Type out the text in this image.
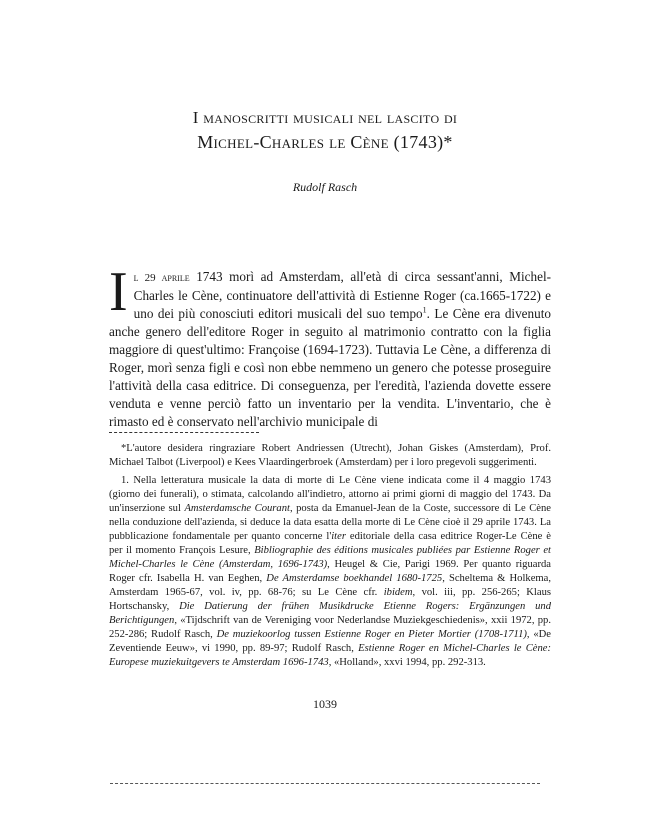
I manoscritti musicali nel lascito di
Michel-Charles le Cène (1743)*
Rudolf Rasch
Il 29 aprile 1743 morì ad Amsterdam, all'età di circa sessant'anni, Michel-Charles le Cène, continuatore dell'attività di Estienne Roger (ca.1665-1722) e uno dei più conosciuti editori musicali del suo tempo$^1$. Le Cène era divenuto anche genero dell'editore Roger in seguito al matrimonio contratto con la figlia maggiore di quest'ultimo: Françoise (1694-1723). Tuttavia Le Cène, a differenza di Roger, morì senza figli e così non ebbe nemmeno un genero che potesse proseguire l'attività della casa editrice. Di conseguenza, per l'eredità, l'azienda dovette essere venduta e venne perciò fatto un inventario per la vendita. L'inventario, che è rimasto ed è conservato nell'archivio municipale di

*L'autore desidera ringraziare Robert Andriessen (Utrecht), Johan Giskes (Amsterdam), Prof. Michael Talbot (Liverpool) e Kees Vlaardingerbroek (Amsterdam) per i loro pregevoli suggerimenti.

1. Nella letteratura musicale la data di morte di Le Cène viene indicata come il 4 maggio 1743 (giorno dei funerali), o stimata, calcolando all'indietro, attorno ai primi giorni di maggio del 1743. Da un'inserzione sul Amsterdamsche Courant, posta da Emanuel-Jean de la Coste, successore di Le Cène nella conduzione dell'azienda, si deduce la data esatta della morte di Le Cène cioè il 29 aprile 1743. La pubblicazione fondamentale per quanto concerne l'iter editoriale della casa editrice Roger-Le Cène è per il momento François Lesure, Bibliographie des éditions musicales publiées par Estienne Roger et Michel-Charles le Cène (Amsterdam, 1696-1743), Heugel & Cie, Parigi 1969. Per quanto riguarda Roger cfr. Isabella H. van Eeghen, De Amsterdamse boekhandel 1680-1725, Scheltema & Holkema, Amsterdam 1965-67, vol. iv, pp. 68-76; su Le Cène cfr. ibidem, vol. iii, pp. 256-265; Klaus Hortschansky, Die Datierung der frühen Musikdrucke Etienne Rogers: Ergänzungen und Berichtigungen, «Tijdschrift van de Vereniging voor Nederlandse Muziekgeschiedenis», xxii 1972, pp. 252-286; Rudolf Rasch, De muziekoorlog tussen Estienne Roger en Pieter Mortier (1708-1711), «De Zeventiende Eeuw», vi 1990, pp. 89-97; Rudolf Rasch, Estienne Roger en Michel-Charles le Cène: Europese muziekuitgevers te Amsterdam 1696-1743, «Holland», xxvi 1994, pp. 292-313.

1039
